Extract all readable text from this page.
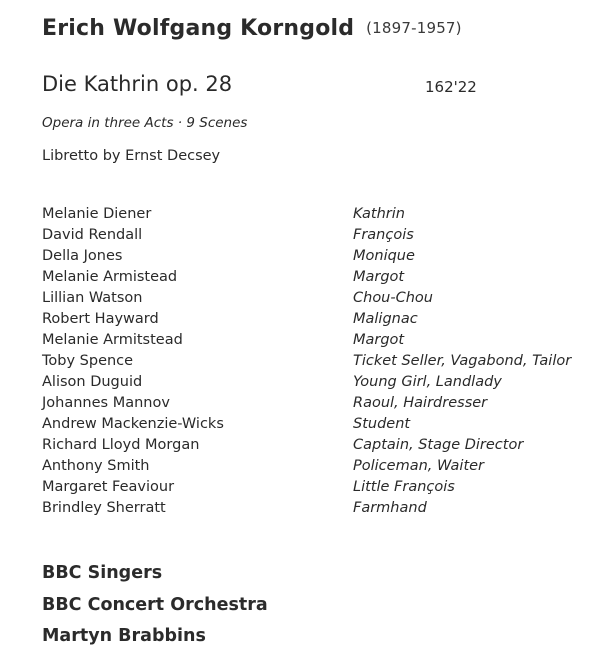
Erich Wolfgang Korngold (1897-1957)
Die Kathrin op. 28	162'22
Opera in three Acts · 9 Scenes
Libretto by Ernst Decsey
Melanie Diener	Kathrin
David Rendall	François
Della Jones	Monique
Melanie Armistead	Margot
Lillian Watson	Chou-Chou
Robert Hayward	Malignac
Melanie Armitstead	Margot
Toby Spence	Ticket Seller, Vagabond, Tailor
Alison Duguid	Young Girl, Landlady
Johannes Mannov	Raoul, Hairdresser
Andrew Mackenzie-Wicks	Student
Richard Lloyd Morgan	Captain, Stage Director
Anthony Smith	Policeman, Waiter
Margaret Feaviour	Little François
Brindley Sherratt	Farmhand
BBC Singers
BBC Concert Orchestra
Martyn Brabbins
